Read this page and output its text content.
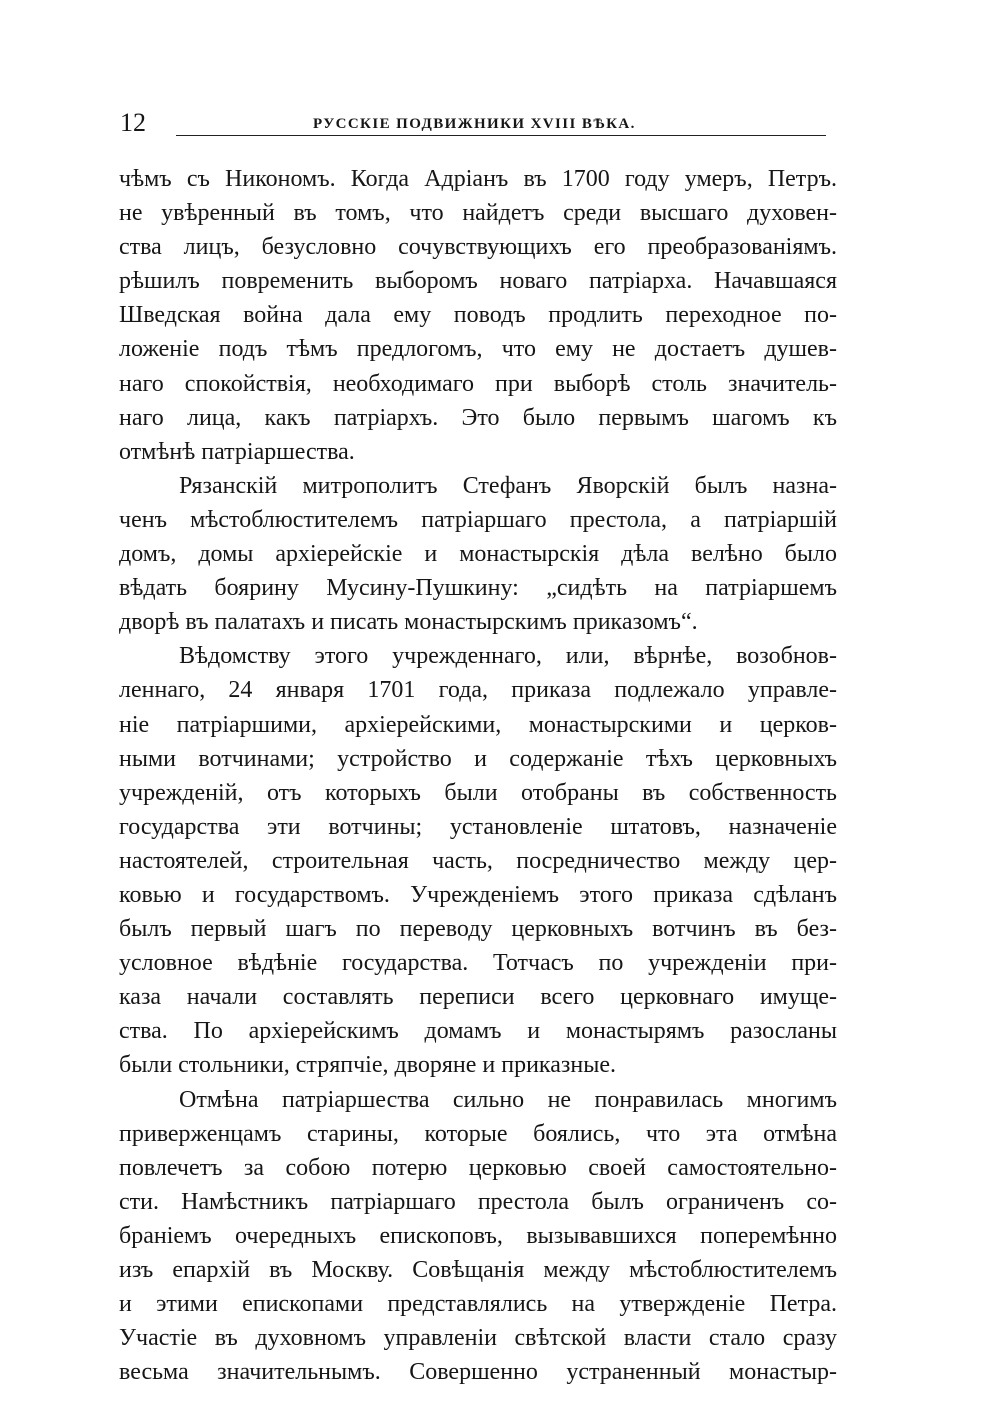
12	РУССКIЕ ПОДВИЖНИКИ XVIII ВѢКА.
чѣмъ съ Никономъ. Когда Адріанъ въ 1700 году умеръ, Петръ.
не увѣренный въ томъ, что найдетъ среди высшаго духовен-
ства лицъ, безусловно сочувствующихъ его преобразованіямъ.
рѣшилъ повременить выборомъ новаго патріарха. Начавшаяся
Шведская война дала ему поводъ продлить переходное по-
ложеніе подъ тѣмъ предлогомъ, что ему не достаетъ душев-
наго спокойствія, необходимаго при выборѣ столь значитель-
наго лица, какъ патріархъ. Это было первымъ шагомъ къ
отмѣнѣ патріаршества.
Рязанскій митрополитъ Стефанъ Яворскій былъ назна-
ченъ мѣстоблюстителемъ патріаршаго престола, а патріаршій
домъ, домы архіерейскіе и монастырскія дѣла велѣно было
вѣдать боярину Мусину-Пушкину: „сидѣть на патріаршемъ
дворѣ въ палатахъ и писать монастырскимъ приказомъ“.
Вѣдомству этого учрежденнаго, или, вѣрнѣе, возобнов-
леннаго, 24 января 1701 года, приказа подлежало управле-
ніе патріаршими, архіерейскими, монастырскими и церков-
ными вотчинами; устройство и содержаніе тѣхъ церковныхъ
учрежденій, отъ которыхъ были отобраны въ собственность
государства эти вотчины; установленіе штатовъ, назначеніе
настоятелей, строительная часть, посредничество между цер-
ковью и государствомъ. Учрежденіемъ этого приказа сдѣланъ
былъ первый шагъ по переводу церковныхъ вотчинъ въ без-
условное вѣдѣніе государства. Тотчасъ по учрежденіи при-
каза начали составлять переписи всего церковнаго имуще-
ства. По архіерейскимъ домамъ и монастырямъ разосланы
были стольники, стряпчіе, дворяне и приказные.
Отмѣна патріаршества сильно не понравилась многимъ
приверженцамъ старины, которые боялись, что эта отмѣна
повлечетъ за собою потерю церковью своей самостоятельно-
сти. Намѣстникъ патріаршаго престола былъ ограниченъ со-
браніемъ очередныхъ епископовъ, вызывавшихся поперемѣнно
изъ епархій въ Москву. Совѣщанія между мѣстоблюстителемъ
и этими епископами представлялись на утвержденіе Петра.
Участіе въ духовномъ управленіи свѣтской власти стало сразу
весьма значительнымъ. Совершенно устраненный монастыр-
